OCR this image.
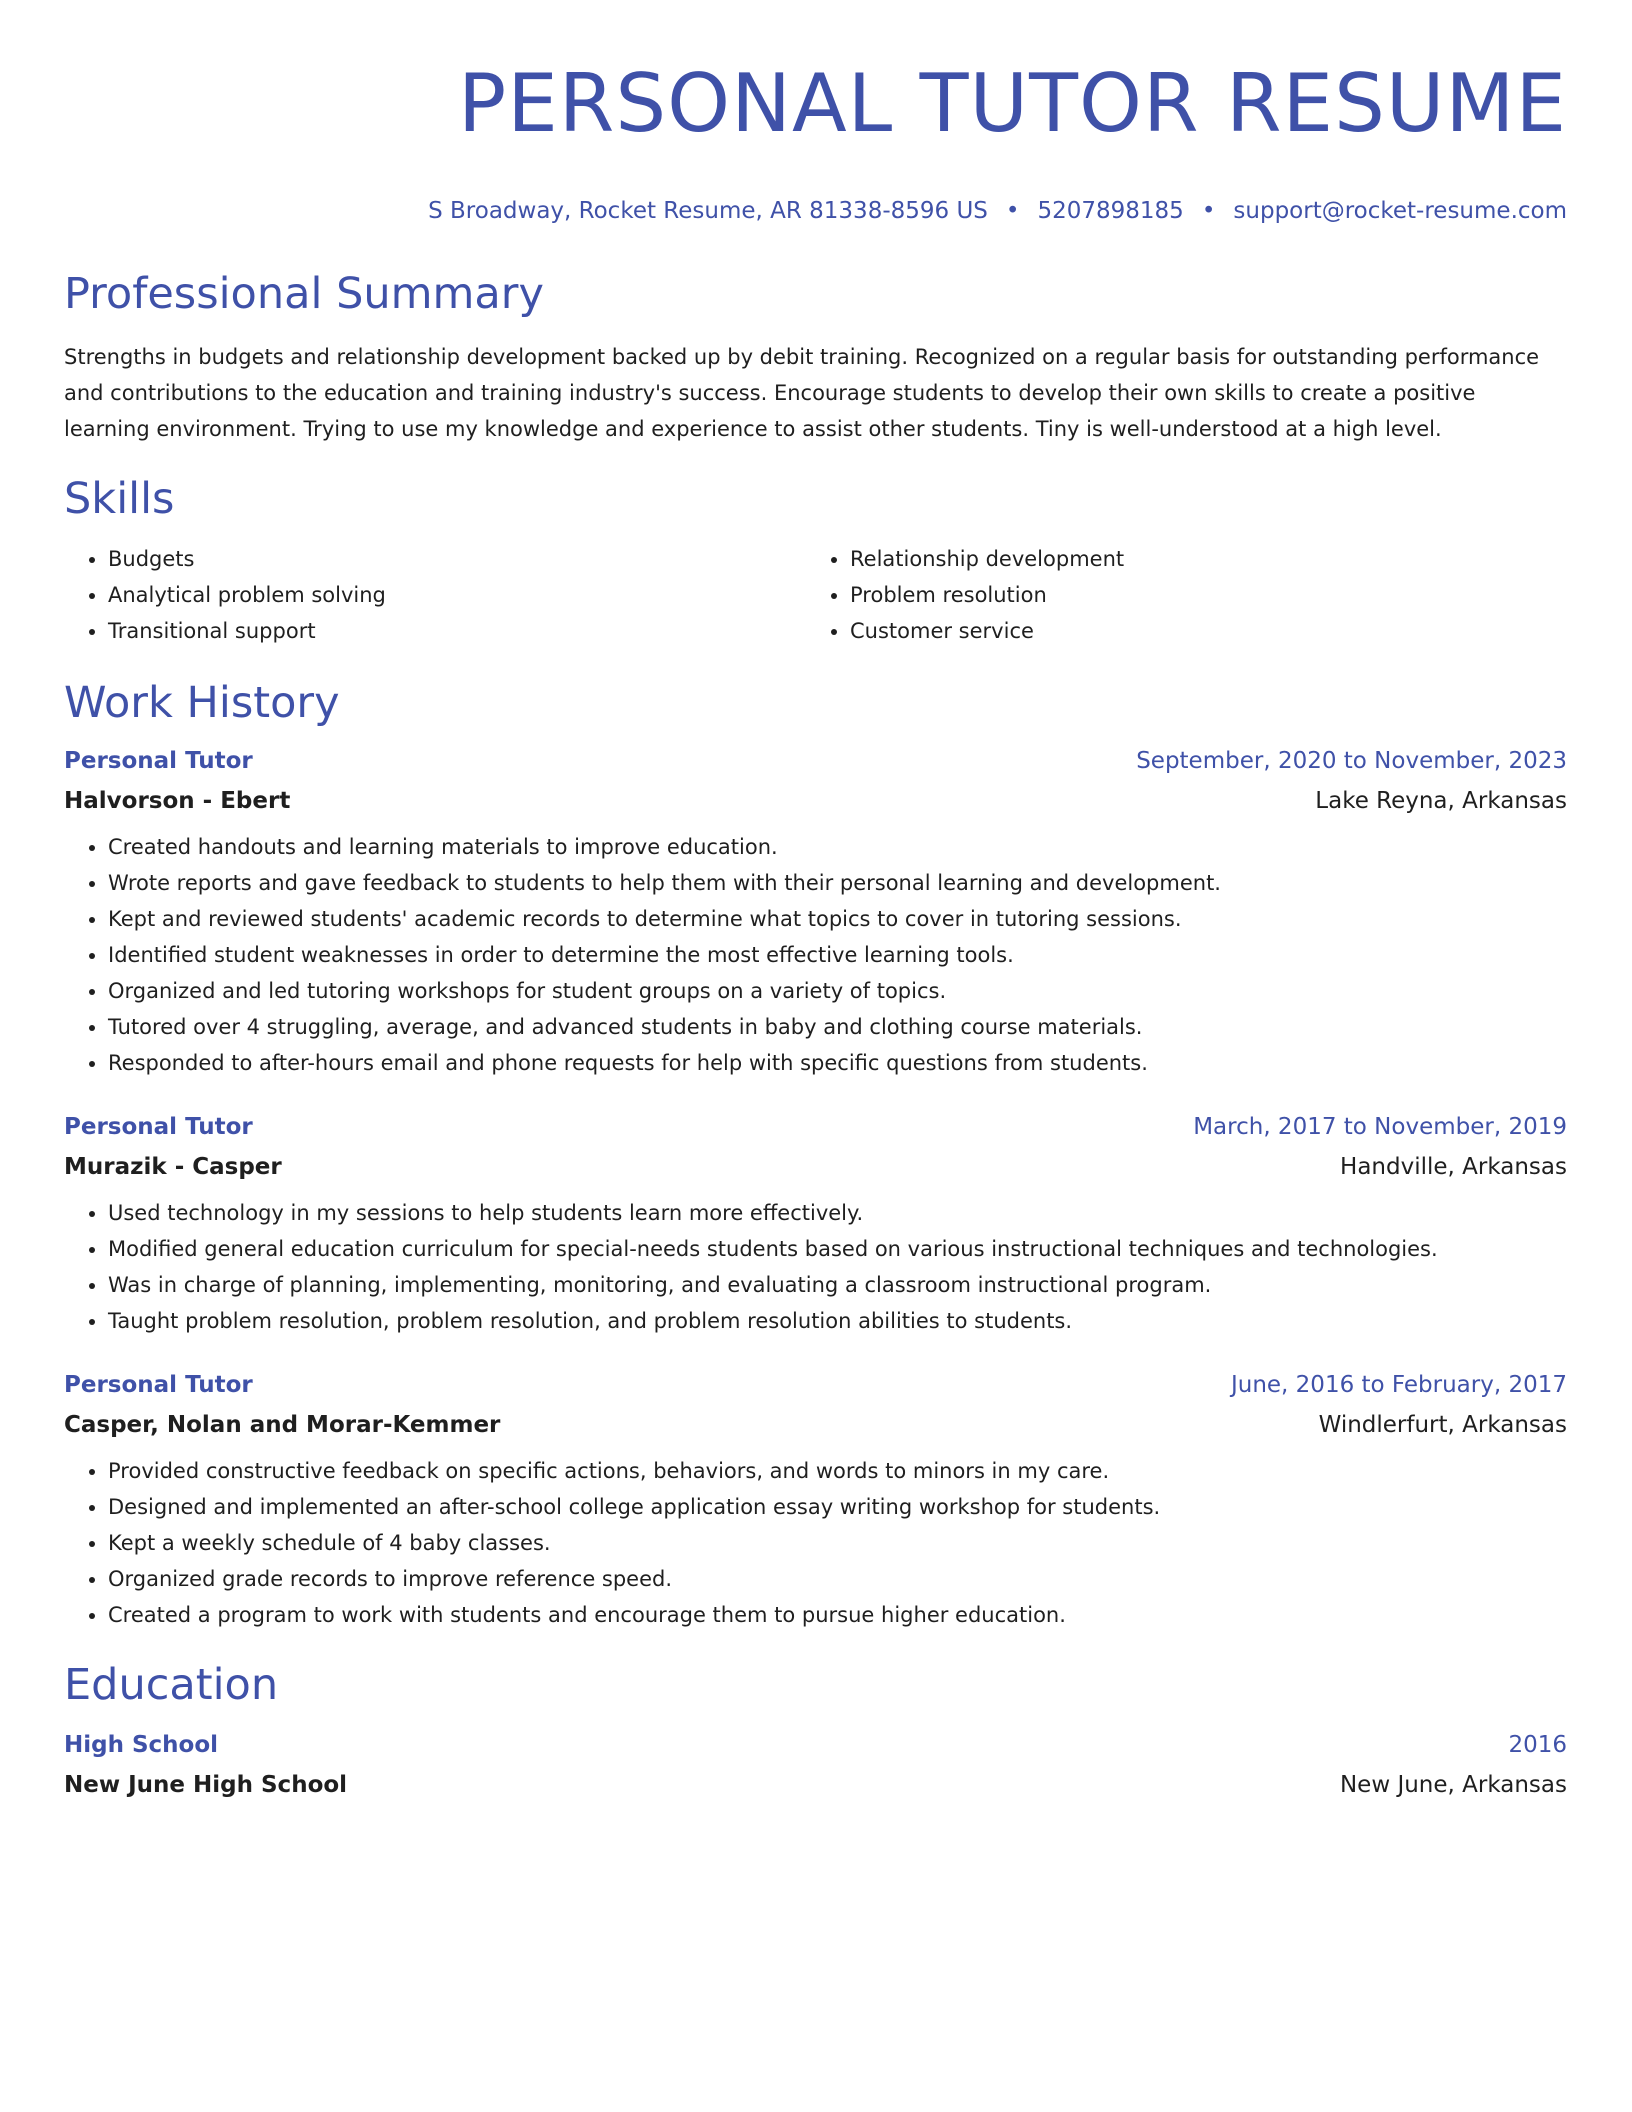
PERSONAL TUTOR RESUME
S Broadway, Rocket Resume, AR 81338-8596 US • 5207898185 • support@rocket-resume.com
Professional Summary
Strengths in budgets and relationship development backed up by debit training. Recognized on a regular basis for outstanding performance and contributions to the education and training industry's success. Encourage students to develop their own skills to create a positive learning environment. Trying to use my knowledge and experience to assist other students. Tiny is well-understood at a high level.
Skills
• Budgets
• Analytical problem solving
• Transitional support
• Relationship development
• Problem resolution
• Customer service
Work History
Personal Tutor	September, 2020 to November, 2023
Halvorson - Ebert	Lake Reyna, Arkansas
• Created handouts and learning materials to improve education.
• Wrote reports and gave feedback to students to help them with their personal learning and development.
• Kept and reviewed students' academic records to determine what topics to cover in tutoring sessions.
• Identified student weaknesses in order to determine the most effective learning tools.
• Organized and led tutoring workshops for student groups on a variety of topics.
• Tutored over 4 struggling, average, and advanced students in baby and clothing course materials.
• Responded to after-hours email and phone requests for help with specific questions from students.
Personal Tutor	March, 2017 to November, 2019
Murazik - Casper	Handville, Arkansas
• Used technology in my sessions to help students learn more effectively.
• Modified general education curriculum for special-needs students based on various instructional techniques and technologies.
• Was in charge of planning, implementing, monitoring, and evaluating a classroom instructional program.
• Taught problem resolution, problem resolution, and problem resolution abilities to students.
Personal Tutor	June, 2016 to February, 2017
Casper, Nolan and Morar-Kemmer	Windlerfurt, Arkansas
• Provided constructive feedback on specific actions, behaviors, and words to minors in my care.
• Designed and implemented an after-school college application essay writing workshop for students.
• Kept a weekly schedule of 4 baby classes.
• Organized grade records to improve reference speed.
• Created a program to work with students and encourage them to pursue higher education.
Education
High School	2016
New June High School	New June, Arkansas
